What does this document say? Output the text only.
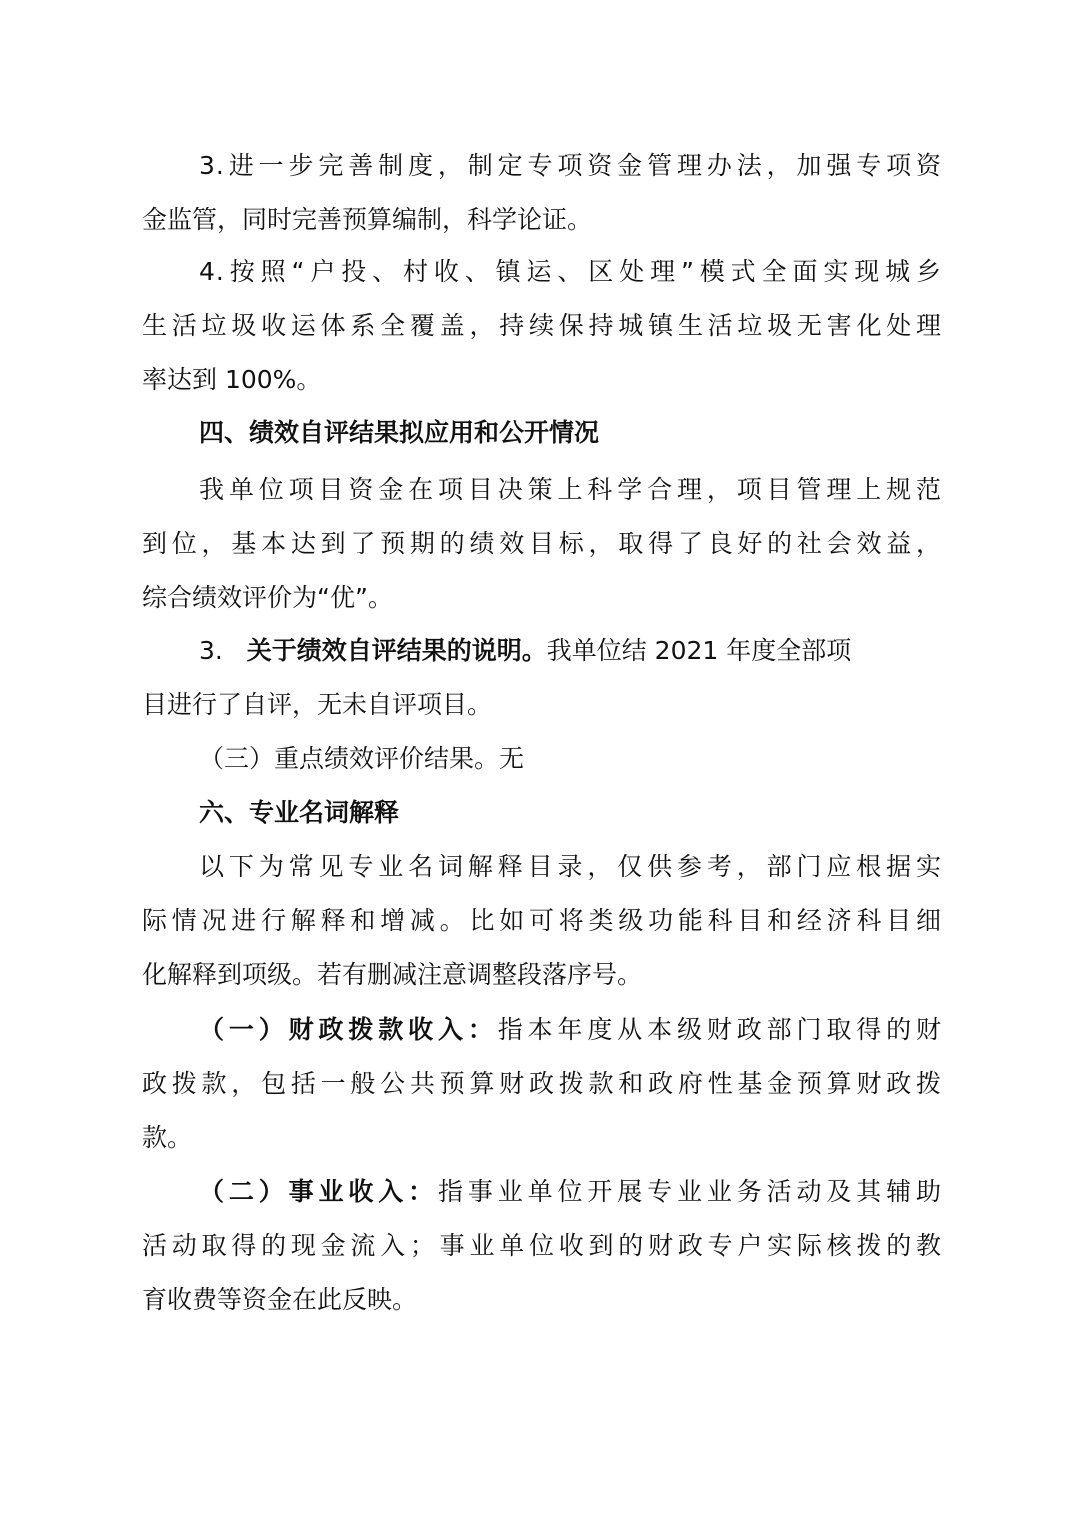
3.进一步完善制度，制定专项资金管理办法，加强专项资
金监管，同时完善预算编制，科学论证。
4.按照“户投、村收、镇运、区处理”模式全面实现城乡
生活垃圾收运体系全覆盖，持续保持城镇生活垃圾无害化处理
率达到 100%。
四、绩效自评结果拟应用和公开情况
我单位项目资金在项目决策上科学合理，项目管理上规范
到位，基本达到了预期的绩效目标，取得了良好的社会效益，
综合绩效评价为“优”。
3. 关于绩效自评结果的说明。我单位结 2021 年度全部项
目进行了自评，无未自评项目。
（三）重点绩效评价结果。无
六、专业名词解释
以下为常见专业名词解释目录，仅供参考，部门应根据实
际情况进行解释和增减。比如可将类级功能科目和经济科目细
化解释到项级。若有删减注意调整段落序号。
（一）财政拨款收入：指本年度从本级财政部门取得的财
政拨款，包括一般公共预算财政拨款和政府性基金预算财政拨
款。
（二）事业收入：指事业单位开展专业业务活动及其辅助
活动取得的现金流入；事业单位收到的财政专户实际核拨的教
育收费等资金在此反映。
